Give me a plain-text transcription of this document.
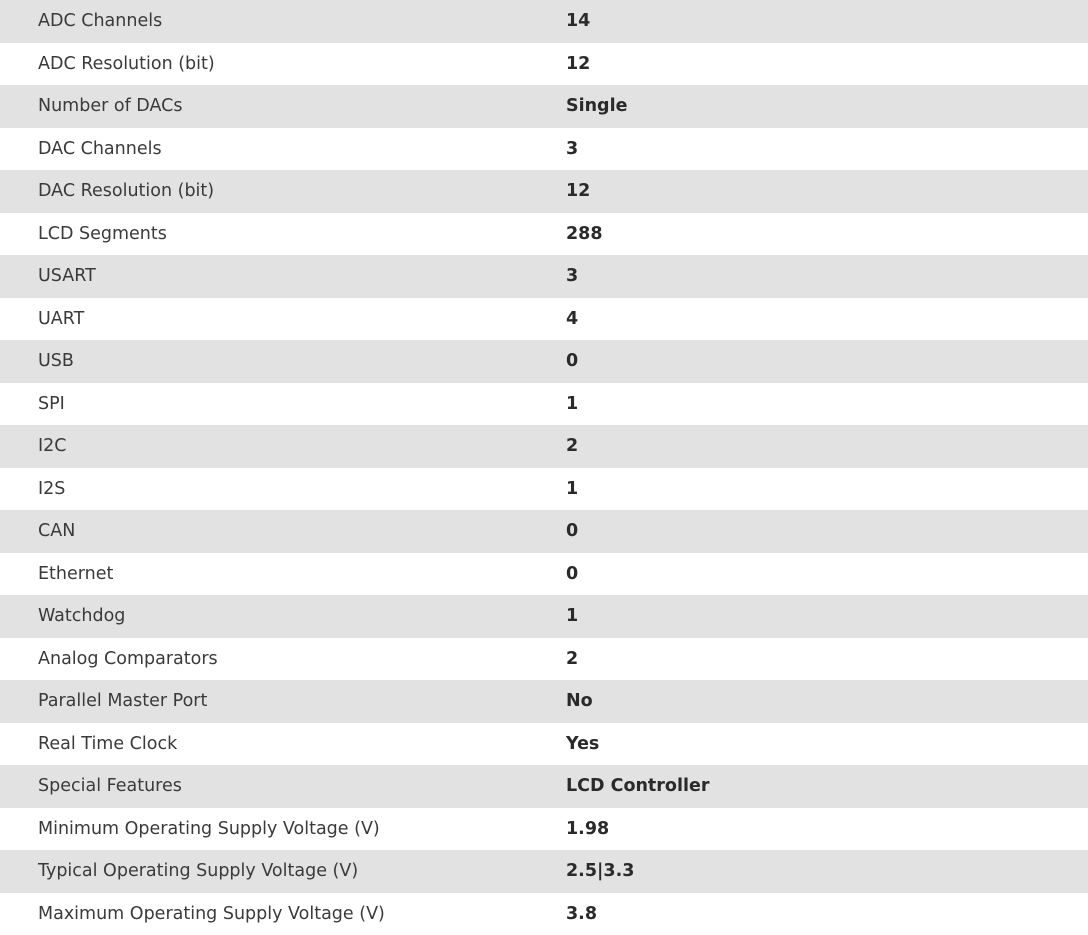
ADC Channels	14
ADC Resolution (bit)	12
Number of DACs	Single
DAC Channels	3
DAC Resolution (bit)	12
LCD Segments	288
USART	3
UART	4
USB	0
SPI	1
I2C	2
I2S	1
CAN	0
Ethernet	0
Watchdog	1
Analog Comparators	2
Parallel Master Port	No
Real Time Clock	Yes
Special Features	LCD Controller
Minimum Operating Supply Voltage (V)	1.98
Typical Operating Supply Voltage (V)	2.5|3.3
Maximum Operating Supply Voltage (V)	3.8
